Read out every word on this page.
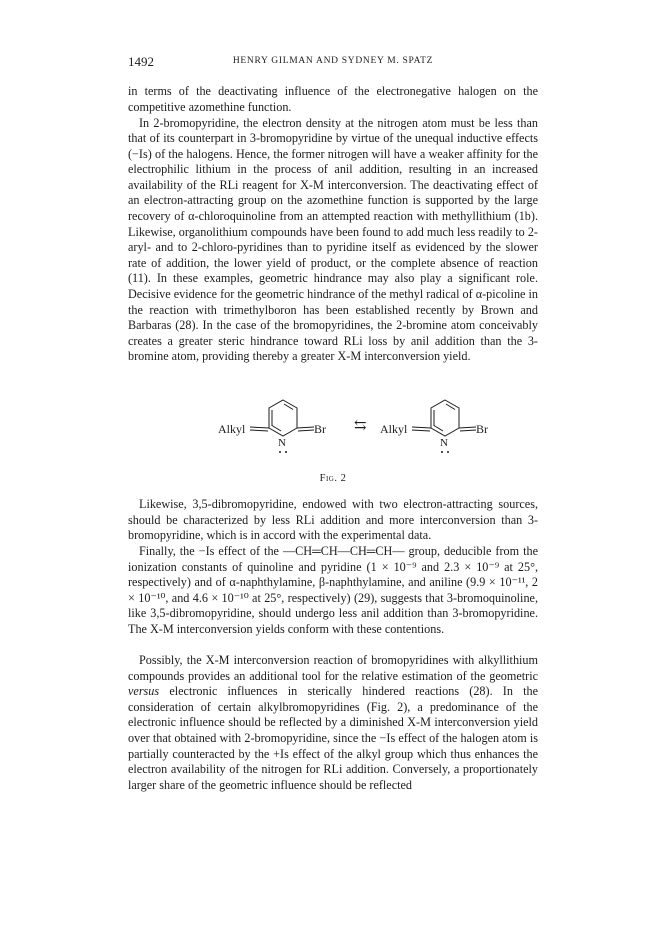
1492	HENRY GILMAN AND SYDNEY M. SPATZ

in terms of the deactivating influence of the electronegative halogen on the competitive azomethine function.

In 2-bromopyridine, the electron density at the nitrogen atom must be less than that of its counterpart in 3-bromopyridine by virtue of the unequal inductive effects (−Is) of the halogens. Hence, the former nitrogen will have a weaker affinity for the electrophilic lithium in the process of anil addition, resulting in an increased availability of the RLi reagent for X-M interconversion. The deactivating effect of an electron-attracting group on the azomethine function is supported by the large recovery of α-chloroquinoline from an attempted reaction with methyllithium (1b). Likewise, organolithium compounds have been found to add much less readily to 2-aryl- and to 2-chloro-pyridines than to pyridine itself as evidenced by the slower rate of addition, the lower yield of product, or the complete absence of reaction (11). In these examples, geometric hindrance may also play a significant role. Decisive evidence for the geometric hindrance of the methyl radical of α-picoline in the reaction with trimethylboron has been established recently by Brown and Barbaras (28). In the case of the bromopyridines, the 2-bromine atom conceivably creates a greater steric hindrance toward RLi loss by anil addition than the 3-bromine atom, providing thereby a greater X-M interconversion yield.

Alkyl	Br
N
⇆ Alkyl	Br
N
Fig. 2

Likewise, 3,5-dibromopyridine, endowed with two electron-attracting sources, should be characterized by less RLi addition and more interconversion than 3-bromopyridine, which is in accord with the experimental data.

Finally, the −Is effect of the —CH═CH—CH═CH— group, deducible from the ionization constants of quinoline and pyridine (1 × 10⁻⁹ and 2.3 × 10⁻⁹ at 25°, respectively) and of α-naphthylamine, β-naphthylamine, and aniline (9.9 × 10⁻¹¹, 2 × 10⁻¹⁰, and 4.6 × 10⁻¹⁰ at 25°, respectively) (29), suggests that 3-bromoquinoline, like 3,5-dibromopyridine, should undergo less anil addition than 3-bromopyridine. The X-M interconversion yields conform with these contentions.

Possibly, the X-M interconversion reaction of bromopyridines with alkyllithium compounds provides an additional tool for the relative estimation of the geometric versus electronic influences in sterically hindered reactions (28). In the consideration of certain alkylbromopyridines (Fig. 2), a predominance of the electronic influence should be reflected by a diminished X-M interconversion yield over that obtained with 2-bromopyridine, since the −Is effect of the halogen atom is partially counteracted by the +Is effect of the alkyl group which thus enhances the electron availability of the nitrogen for RLi addition. Conversely, a proportionately larger share of the geometric influence should be reflected
